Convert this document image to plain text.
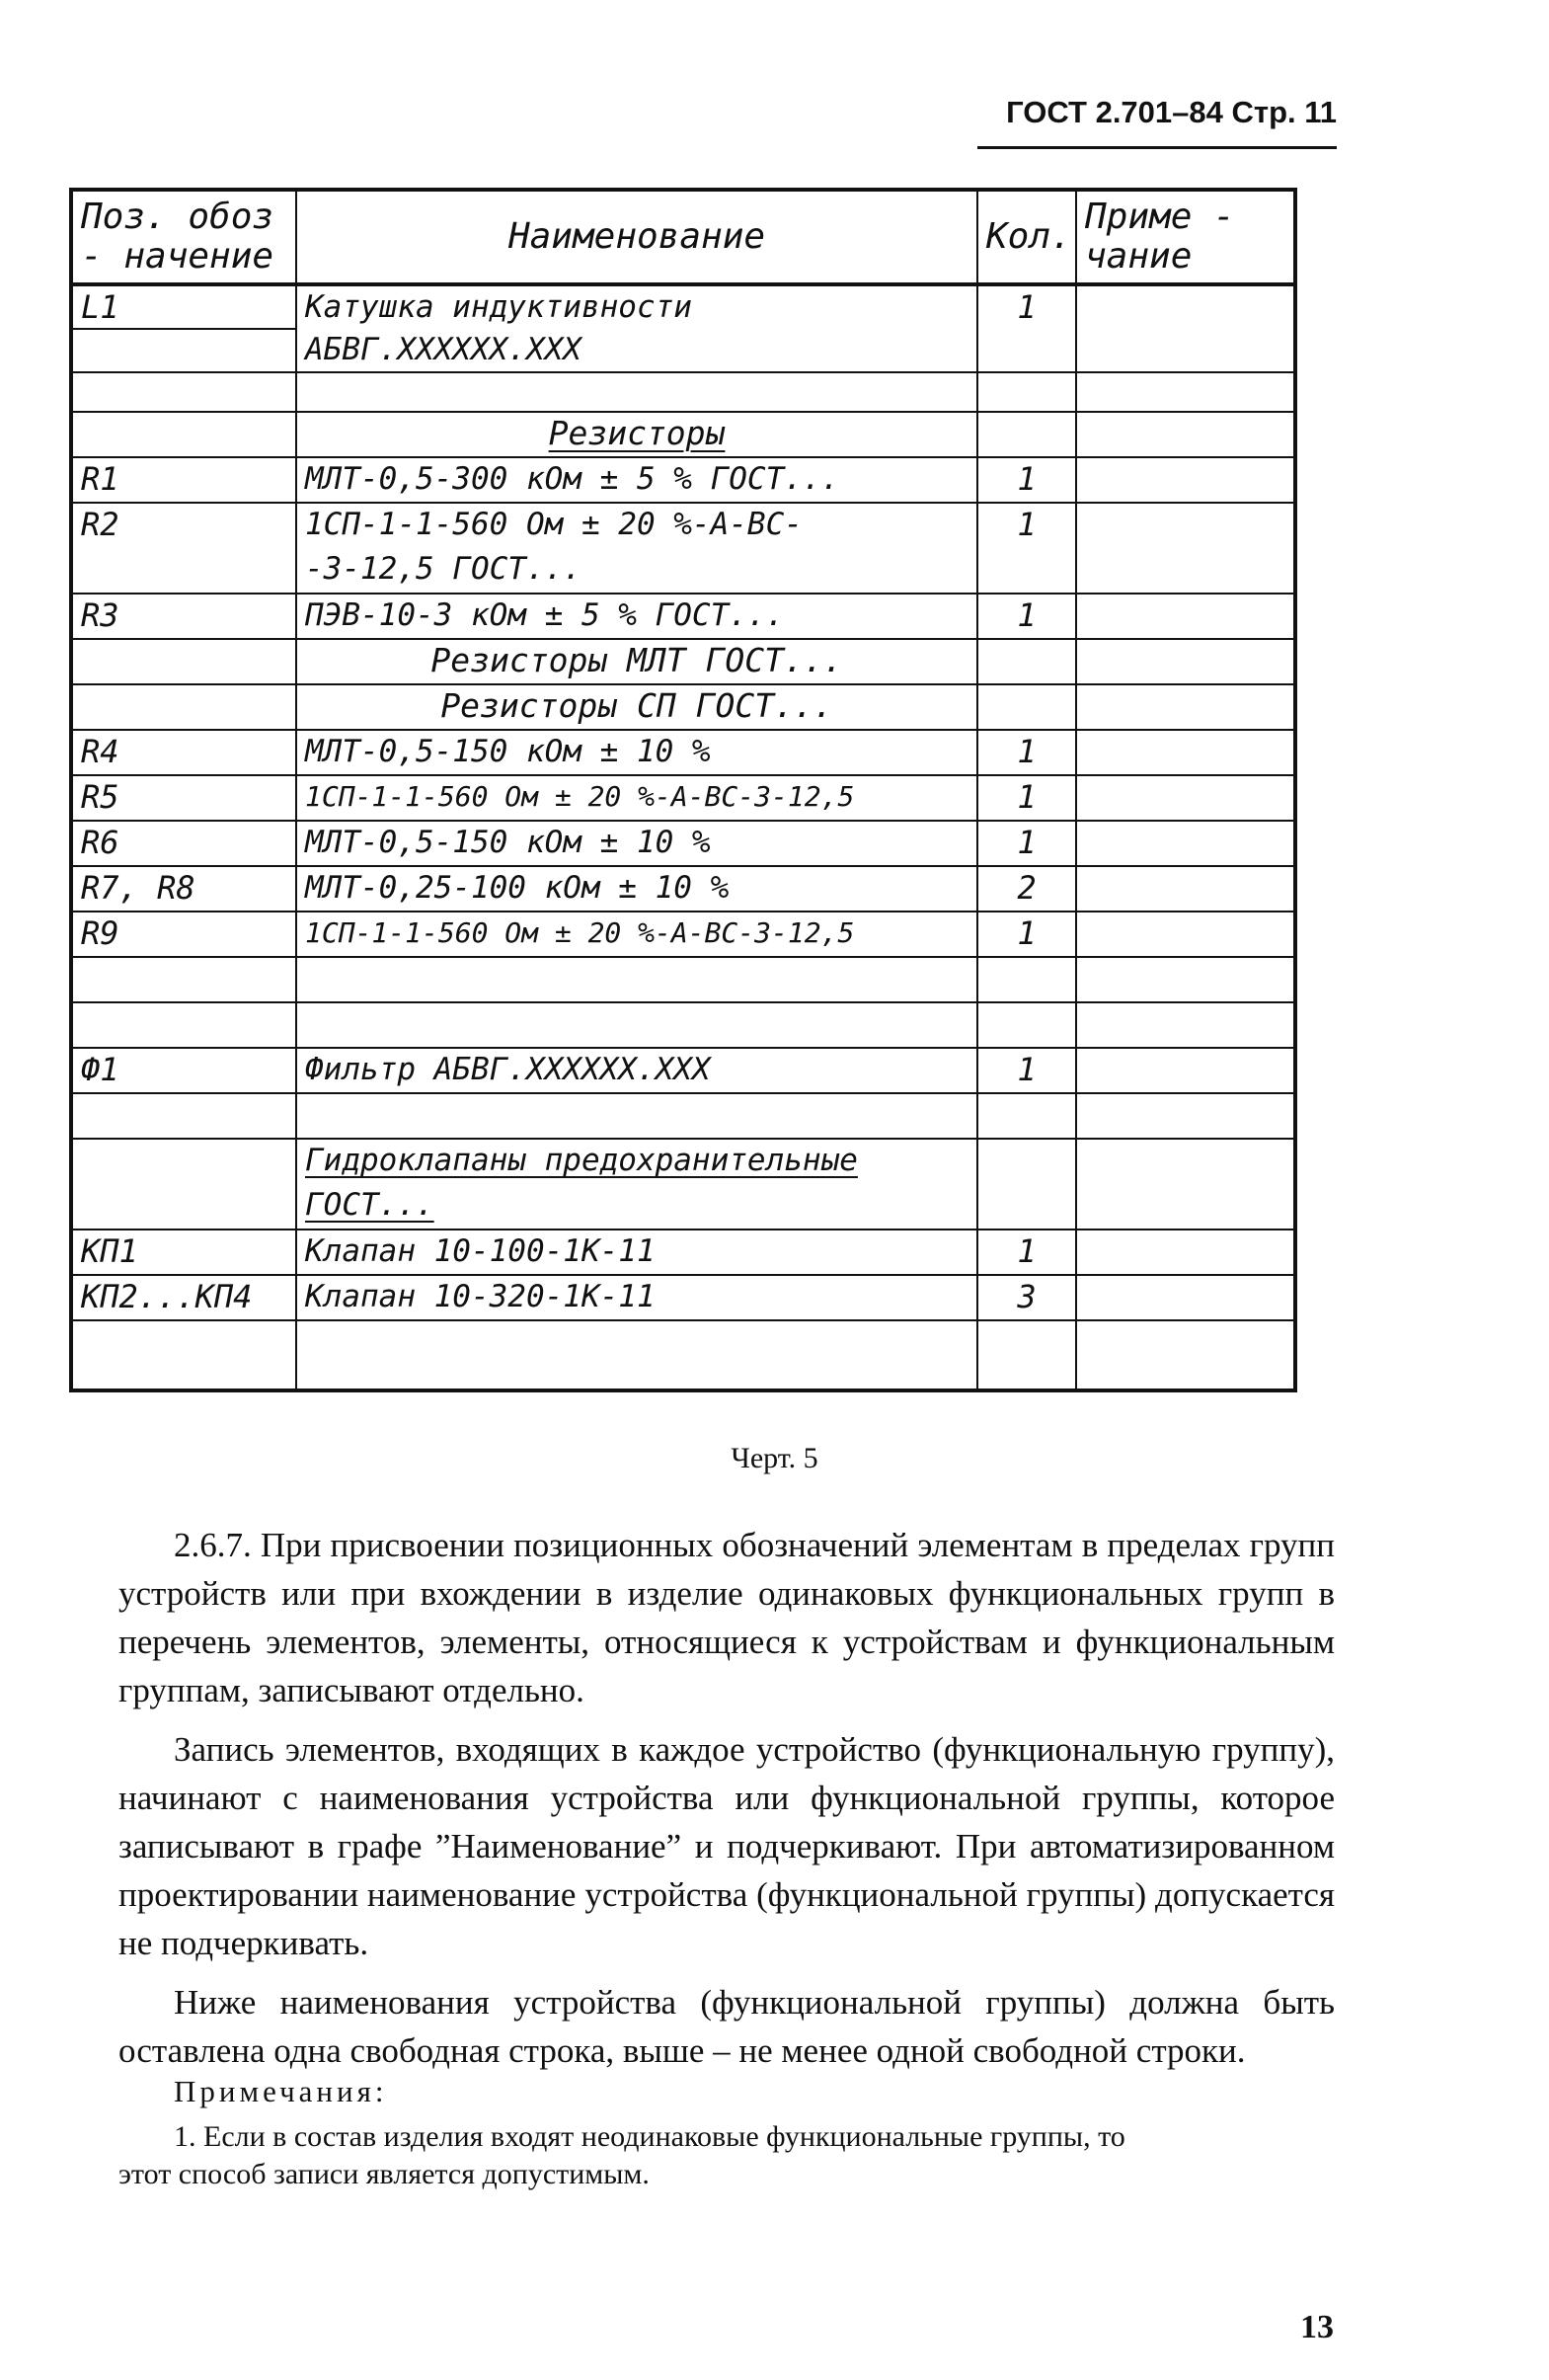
ГОСТ 2.701–84 Стр. 11
Поз. обоз - начение	Наименование	Кол.	Приме - чание
L1	Катушка индуктивности	1	
	АБВГ.XXXXXX.XXX		

	Резисторы		
R1	МЛТ-0,5-300 кОм ± 5 % ГОСТ...	1	
R2	1СП-1-1-560 Ом ± 20 %-А-ВС-	1	
	-3-12,5 ГОСТ...		
R3	ПЭВ-10-3 кОм ± 5 % ГОСТ...	1	
	Резисторы МЛТ ГОСТ...		
	Резисторы СП ГОСТ...		
R4	МЛТ-0,5-150 кОм ± 10 %	1	
R5	1СП-1-1-560 Ом ± 20 %-А-ВС-3-12,5	1	
R6	МЛТ-0,5-150 кОм ± 10 %	1	
R7, R8	МЛТ-0,25-100 кОм ± 10 %	2	
R9	1СП-1-1-560 Ом ± 20 %-А-ВС-3-12,5	1	

Ф1	Фильтр АБВГ.XXXXXX.XXX	1	

	Гидроклапаны предохранительные		
	ГОСТ...		
КП1	Клапан 10-100-1К-11	1	
КП2...КП4	Клапан 10-320-1К-11	3	

Черт. 5

2.6.7. При присвоении позиционных обозначений элементам в пределах групп устройств или при вхождении в изделие одинаковых функциональных групп в перечень элементов, элементы, относящиеся к устройствам и функциональным группам, записывают отдельно.

Запись элементов, входящих в каждое устройство (функциональную группу), начинают с наименования устройства или функциональной группы, которое записывают в графе ”Наименование” и подчеркивают. При автоматизированном проектировании наименование устройства (функциональной группы) допускается не подчеркивать.

Ниже наименования устройства (функциональной группы) должна быть оставлена одна свободная строка, выше – не менее одной свободной строки.

Примечания:
1. Если в состав изделия входят неодинаковые функциональные группы, то
этот способ записи является допустимым.
13
